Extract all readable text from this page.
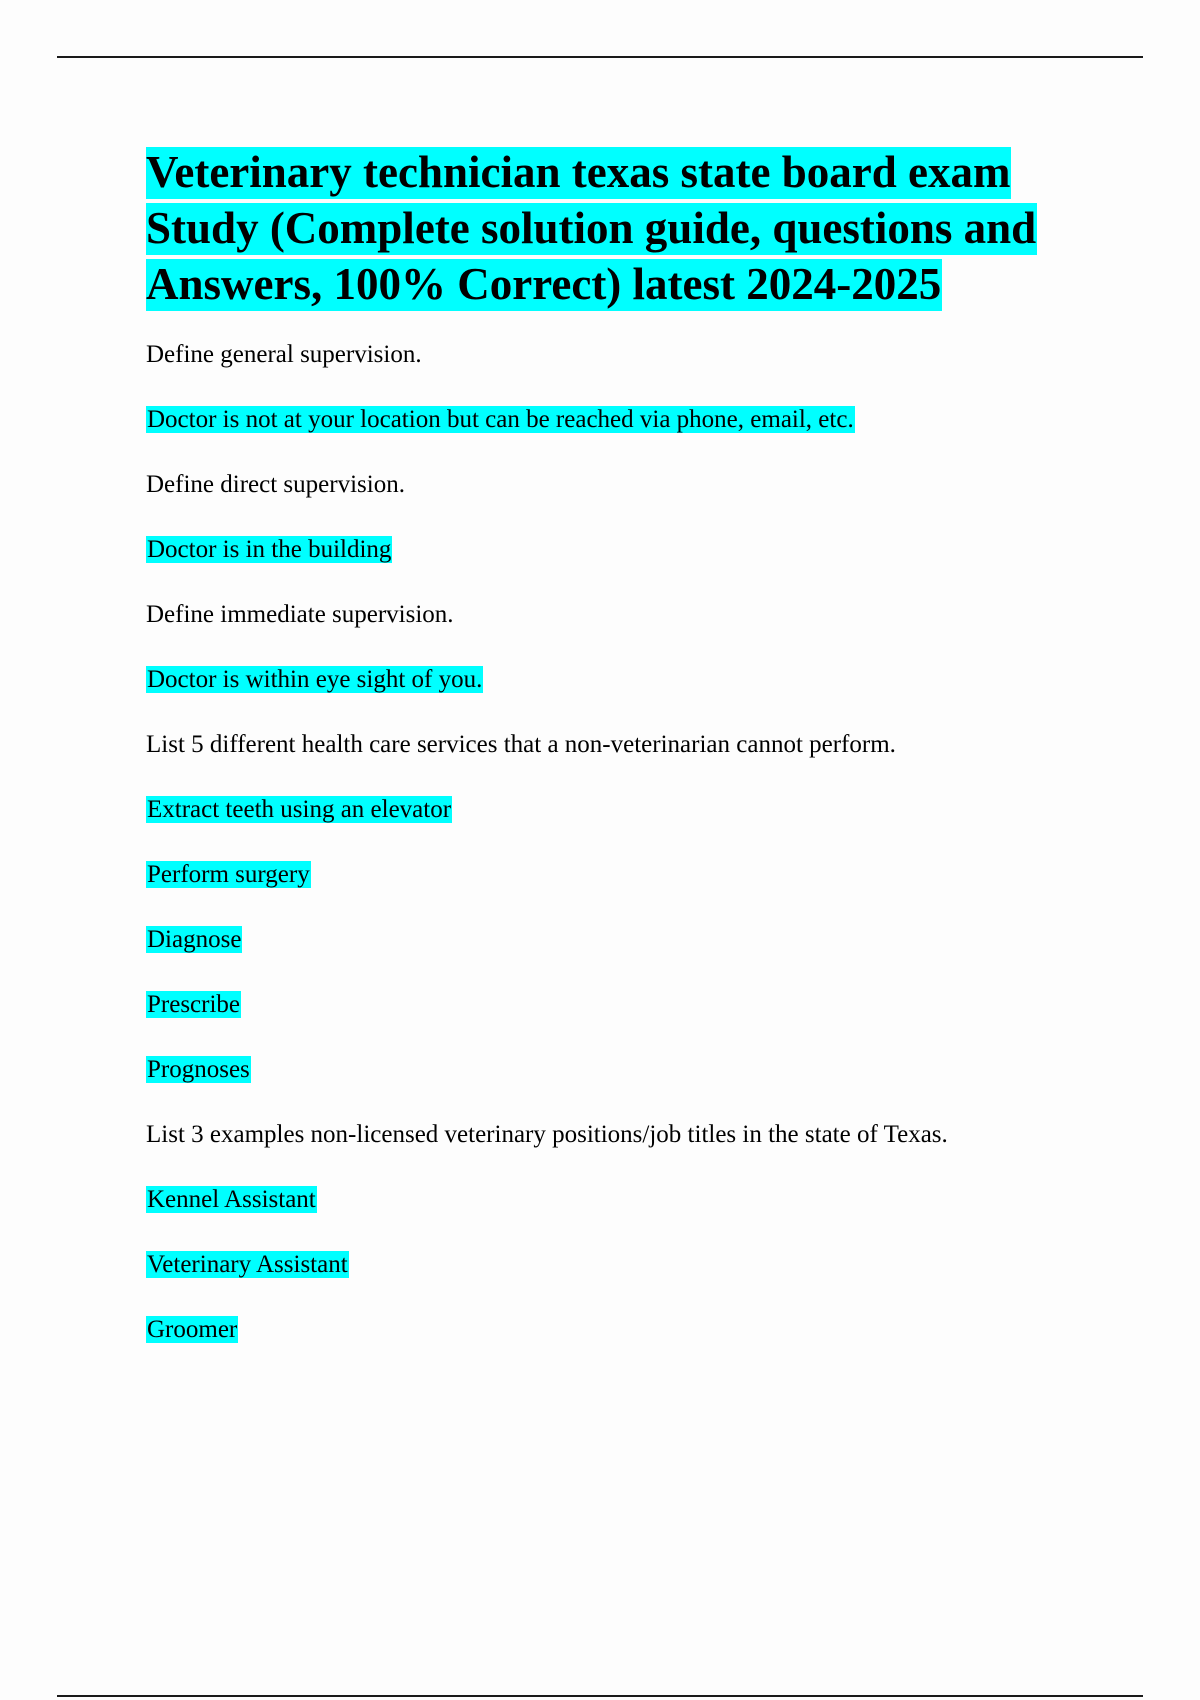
Veterinary technician texas state board exam Study (Complete solution guide, questions and Answers, 100% Correct) latest 2024-2025
Define general supervision.
Doctor is not at your location but can be reached via phone, email, etc.
Define direct supervision.
Doctor is in the building
Define immediate supervision.
Doctor is within eye sight of you.
List 5 different health care services that a non-veterinarian cannot perform.
Extract teeth using an elevator
Perform surgery
Diagnose
Prescribe
Prognoses
List 3 examples non-licensed veterinary positions/job titles in the state of Texas.
Kennel Assistant
Veterinary Assistant
Groomer
